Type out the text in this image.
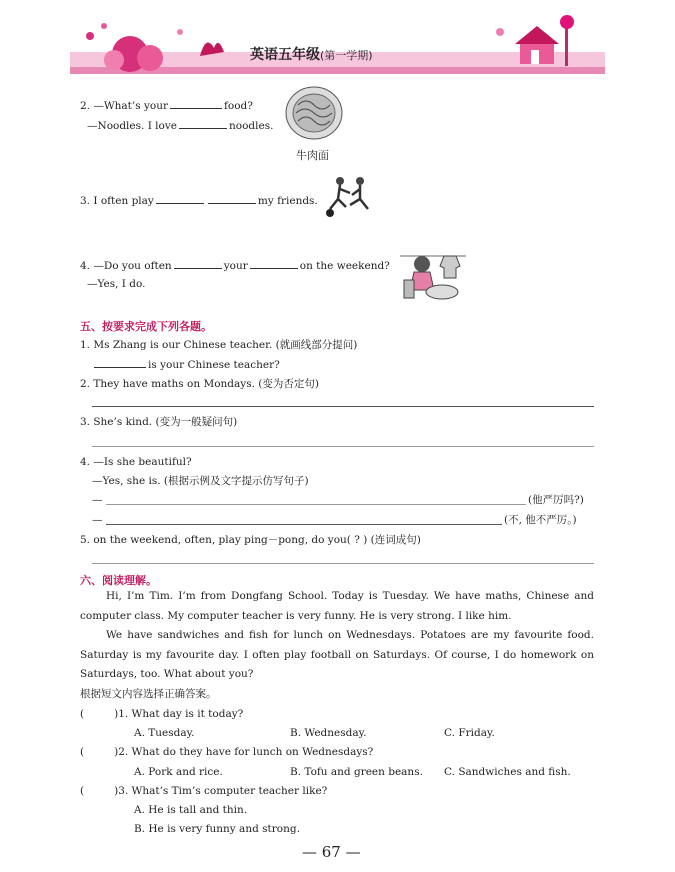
英语五年级(第一学期)
2. —What’s your	food?
—Noodles. I love	noodles.
牛肉面
3. I often play	my friends.
4. —Do you often	your	on the weekend?
—Yes, I do.
五、按要求完成下列各题。
1. Ms Zhang is our Chinese teacher. (就画线部分提问)
is your Chinese teacher?
2. They have maths on Mondays. (变为否定句)
3. She’s kind. (变为一般疑问句)
4. —Is she beautiful?
—Yes, she is. (根据示例及文字提示仿写句子)
—	(他严厉吗?)
—	(不, 他不严厉。)
5. on the weekend, often, play ping－pong, do you( ? ) (连词成句)
六、阅读理解。
Hi, I’m Tim. I’m from Dongfang School. Today is Tuesday. We have maths, Chinese and computer class. My computer teacher is very funny. He is very strong. I like him.
We have sandwiches and fish for lunch on Wednesdays. Potatoes are my favourite food. Saturday is my favourite day. I often play football on Saturdays. Of course, I do homework on Saturdays, too. What about you?
根据短文内容选择正确答案。
(	)1. What day is it today?
A. Tuesday.	B. Wednesday.	C. Friday.
(	)2. What do they have for lunch on Wednesdays?
A. Pork and rice.	B. Tofu and green beans. C. Sandwiches and fish.
(	)3. What’s Tim’s computer teacher like?
A. He is tall and thin.
B. He is very funny and strong.
— 67 —
